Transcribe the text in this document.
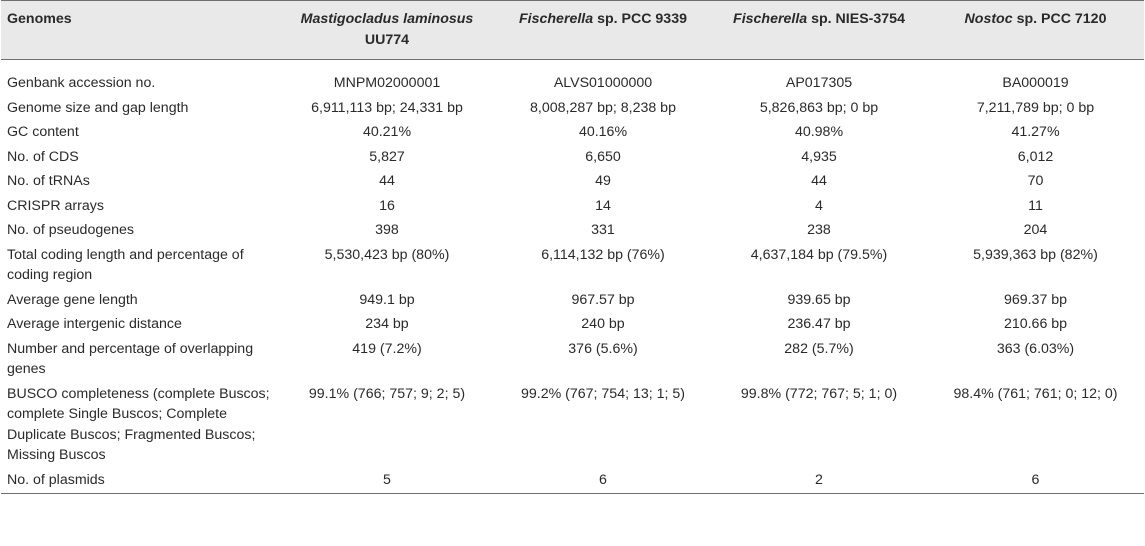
Genomes	Mastigocladus laminosus UU774	Fischerella sp. PCC 9339	Fischerella sp. NIES-3754	Nostoc sp. PCC 7120
Genbank accession no.	MNPM02000001	ALVS01000000	AP017305	BA000019
Genome size and gap length	6,911,113 bp; 24,331 bp	8,008,287 bp; 8,238 bp	5,826,863 bp; 0 bp	7,211,789 bp; 0 bp
GC content	40.21%	40.16%	40.98%	41.27%
No. of CDS	5,827	6,650	4,935	6,012
No. of tRNAs	44	49	44	70
CRISPR arrays	16	14	4	11
No. of pseudogenes	398	331	238	204
Total coding length and percentage of coding region	5,530,423 bp (80%)	6,114,132 bp (76%)	4,637,184 bp (79.5%)	5,939,363 bp (82%)
Average gene length	949.1 bp	967.57 bp	939.65 bp	969.37 bp
Average intergenic distance	234 bp	240 bp	236.47 bp	210.66 bp
Number and percentage of overlapping genes	419 (7.2%)	376 (5.6%)	282 (5.7%)	363 (6.03%)
BUSCO completeness (complete Buscos; complete Single Buscos; Complete Duplicate Buscos; Fragmented Buscos; Missing Buscos	99.1% (766; 757; 9; 2; 5)	99.2% (767; 754; 13; 1; 5)	99.8% (772; 767; 5; 1; 0)	98.4% (761; 761; 0; 12; 0)
No. of plasmids	5	6	2	6
